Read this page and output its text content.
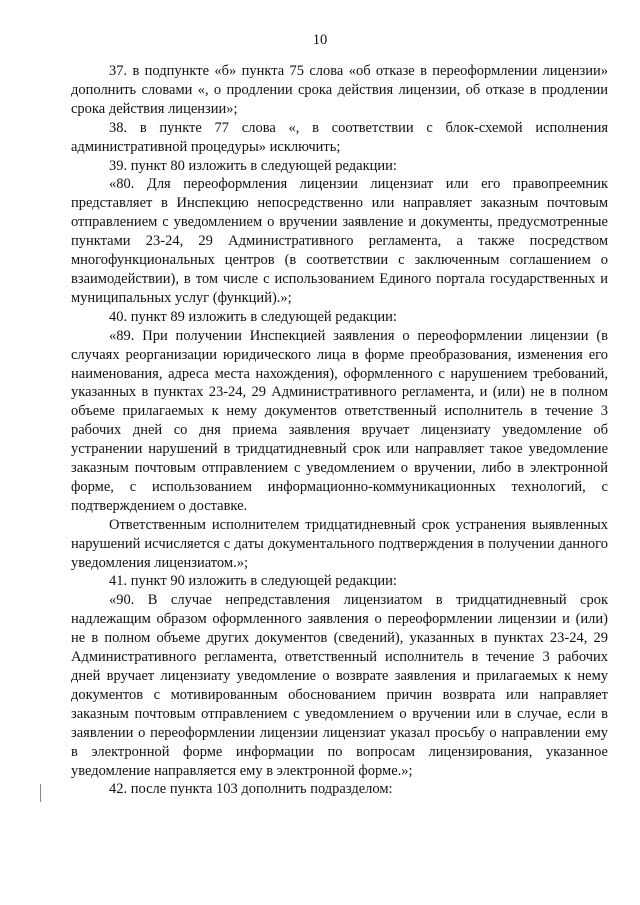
10

37. в подпункте «б» пункта 75 слова «об отказе в переоформлении лицензии» дополнить словами «, о продлении срока действия лицензии, об отказе в продлении срока действия лицензии»;

38. в пункте 77 слова «, в соответствии с блок-схемой исполнения административной процедуры» исключить;

39. пункт 80 изложить в следующей редакции:

«80. Для переоформления лицензии лицензиат или его правопреемник представляет в Инспекцию непосредственно или направляет заказным почтовым отправлением с уведомлением о вручении заявление и документы, предусмотренные пунктами 23-24, 29 Административного регламента, а также посредством многофункциональных центров (в соответствии с заключенным соглашением о взаимодействии), в том числе с использованием Единого портала государственных и муниципальных услуг (функций).»;

40. пункт 89 изложить в следующей редакции:

«89. При получении Инспекцией заявления о переоформлении лицензии (в случаях реорганизации юридического лица в форме преобразования, изменения его наименования, адреса места нахождения), оформленного с нарушением требований, указанных в пунктах 23-24, 29 Административного регламента, и (или) не в полном объеме прилагаемых к нему документов ответственный исполнитель в течение 3 рабочих дней со дня приема заявления вручает лицензиату уведомление об устранении нарушений в тридцатидневный срок или направляет такое уведомление заказным почтовым отправлением с уведомлением о вручении, либо в электронной форме, с использованием информационно-коммуникационных технологий, с подтверждением о доставке.

Ответственным исполнителем тридцатидневный срок устранения выявленных нарушений исчисляется с даты документального подтверждения в получении данного уведомления лицензиатом.»;

41. пункт 90 изложить в следующей редакции:

«90. В случае непредставления лицензиатом в тридцатидневный срок надлежащим образом оформленного заявления о переоформлении лицензии и (или) не в полном объеме других документов (сведений), указанных в пунктах 23-24, 29 Административного регламента, ответственный исполнитель в течение 3 рабочих дней вручает лицензиату уведомление о возврате заявления и прилагаемых к нему документов с мотивированным обоснованием причин возврата или направляет заказным почтовым отправлением с уведомлением о вручении или в случае, если в заявлении о переоформлении лицензии лицензиат указал просьбу о направлении ему в электронной форме информации по вопросам лицензирования, указанное уведомление направляется ему в электронной форме.»;

42. после пункта 103 дополнить подразделом:
